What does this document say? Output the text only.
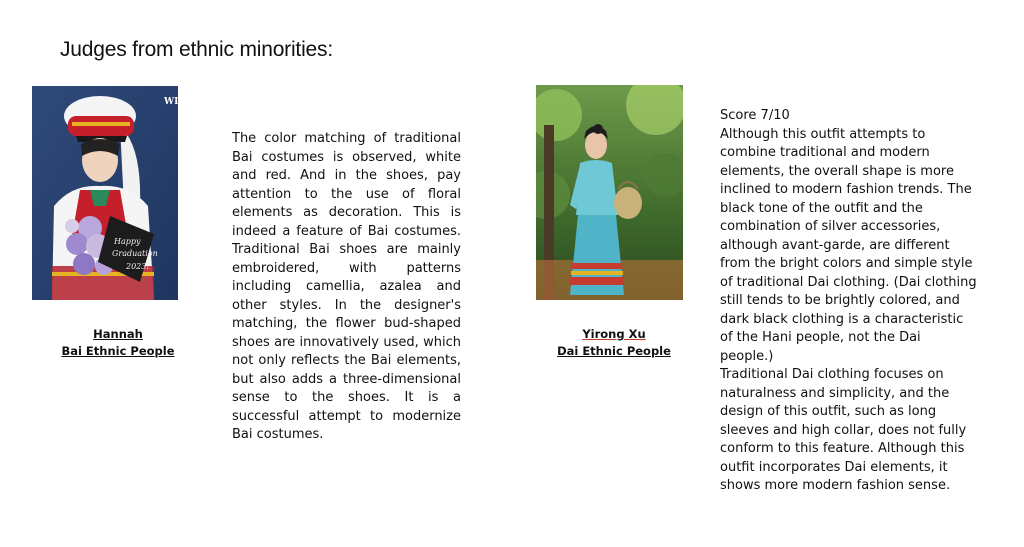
Judges from ethnic minorities:
Happy
Graduation
2023!
WI
Hannah
Bai Ethnic People
The color matching of traditional Bai costumes is observed, white and red. And in the shoes, pay attention to the use of floral elements as decoration. This is indeed a feature of Bai costumes. Traditional Bai shoes are mainly embroidered, with patterns including camellia, azalea and other styles. In the designer's matching, the flower bud-shaped shoes are innovatively used, which not only reflects the Bai elements, but also adds a three-dimensional sense to the shoes. It is a successful attempt to modernize Bai costumes.
Yirong Xu
Dai Ethnic People
Score 7/10
Although this outfit attempts to combine traditional and modern elements, the overall shape is more inclined to modern fashion trends. The black tone of the outfit and the combination of silver accessories, although avant-garde, are different from the bright colors and simple style of traditional Dai clothing. (Dai clothing still tends to be brightly colored, and dark black clothing is a characteristic of the Hani people, not the Dai people.)
Traditional Dai clothing focuses on naturalness and simplicity, and the design of this outfit, such as long sleeves and high collar, does not fully conform to this feature. Although this outfit incorporates Dai elements, it shows more modern fashion sense.
